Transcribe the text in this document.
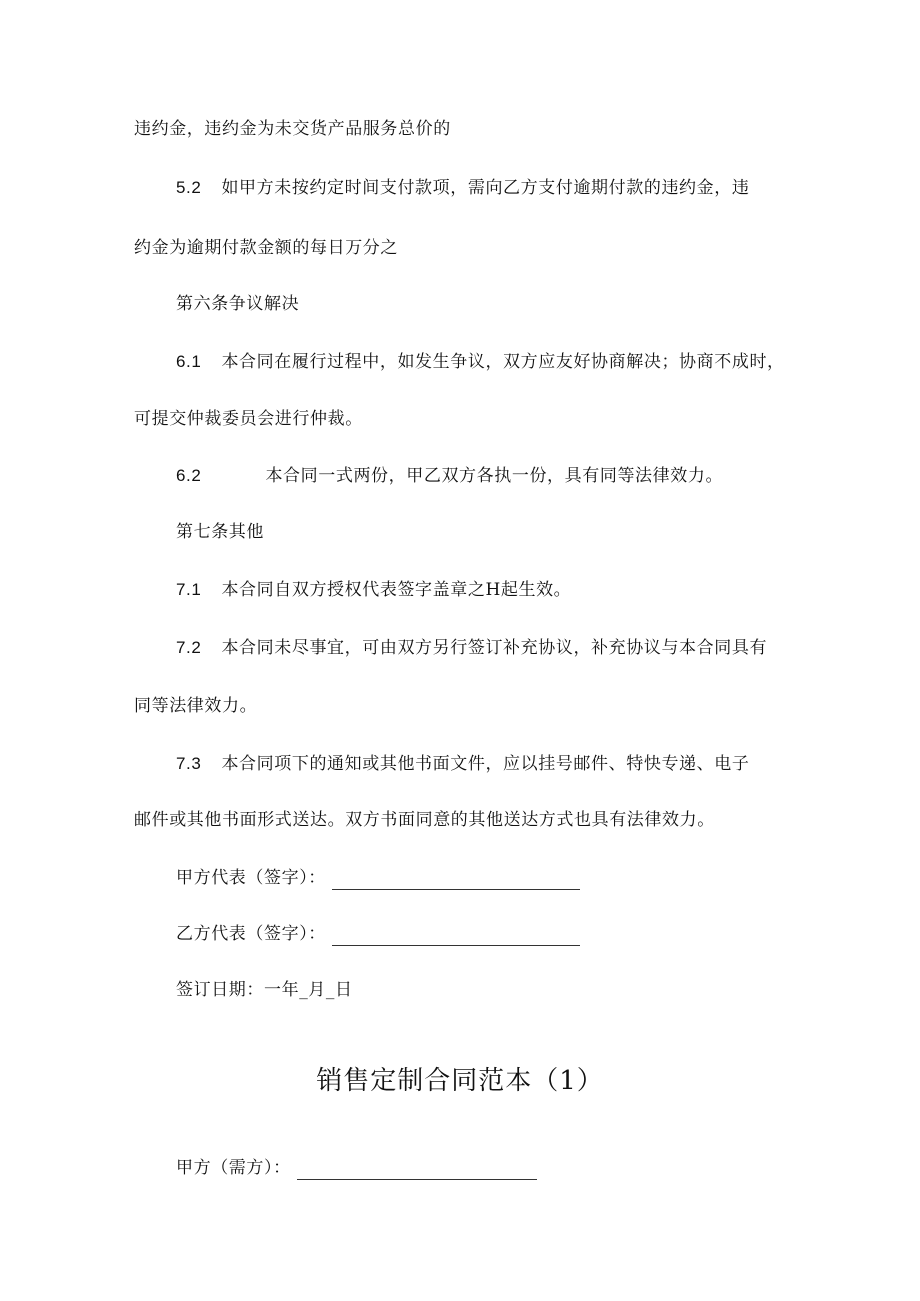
违约金，违约金为未交货产品服务总价的
5.2 如甲方未按约定时间支付款项，需向乙方支付逾期付款的违约金，违
约金为逾期付款金额的每日万分之
第六条争议解决
6.1 本合同在履行过程中，如发生争议，双方应友好协商解决；协商不成时，
可提交仲裁委员会进行仲裁。
6.2	本合同一式两份，甲乙双方各执一份，具有同等法律效力。
第七条其他
7.1 本合同自双方授权代表签字盖章之H起生效。
7.2 本合同未尽事宜，可由双方另行签订补充协议，补充协议与本合同具有
同等法律效力。
7.3 本合同项下的通知或其他书面文件，应以挂号邮件、特快专递、电子
邮件或其他书面形式送达。双方书面同意的其他送达方式也具有法律效力。
甲方代表（签字）：
乙方代表（签字）：
签订日期：一年_月_日
销售定制合同范本（1）
甲方（需方）：
